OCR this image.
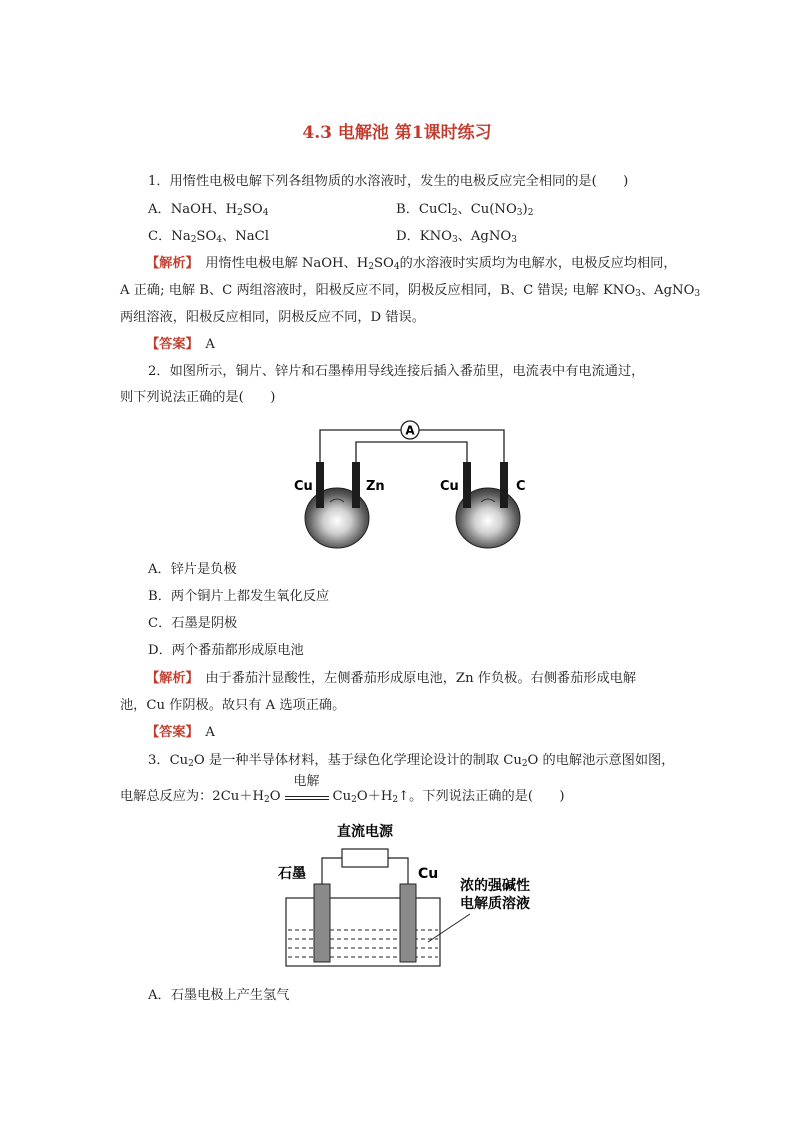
4.3 电解池 第1课时练习
1．用惰性电极电解下列各组物质的水溶液时，发生的电极反应完全相同的是(　　)
A．NaOH、$H_2SO_4$	B．CuCl$_2$、$Cu(NO_3)_2$
C．$Na_2SO_4$、NaCl	D．$KNO_3$、AgNO$_3$
【解析】　用惰性电极电解 NaOH、$H_2SO_4$的水溶液时实质均为电解水，电极反应均相同，
A 正确; 电解 B、C 两组溶液时，阳极反应不同，阴极反应相同，B、C 错误; 电解 $KNO_3$、AgNO$_3$
两组溶液，阳极反应相同，阴极反应不同，D 错误。
【答案】　A
2．如图所示，铜片、锌片和石墨棒用导线连接后插入番茄里，电流表中有电流通过，
则下列说法正确的是(　　)
A
Cu	Zn	Cu	C
A．锌片是负极
B．两个铜片上都发生氧化反应
C．石墨是阴极
D．两个番茄都形成原电池
【解析】　由于番茄汁显酸性，左侧番茄形成原电池，Zn 作负极。右侧番茄形成电解
池，Cu 作阴极。故只有 A 选项正确。
【答案】　A
3．$Cu_2O$ 是一种半导体材料，基于绿色化学理论设计的制取 $Cu_2O$ 的电解池示意图如图，
电解总反应为：$2Cu+H_2O$
电解
$Cu_2O+H_2↑$。下列说法正确的是(　　)
直流电源
石墨	Cu
浓的强碱性
电解质溶液
A．石墨电极上产生氢气
